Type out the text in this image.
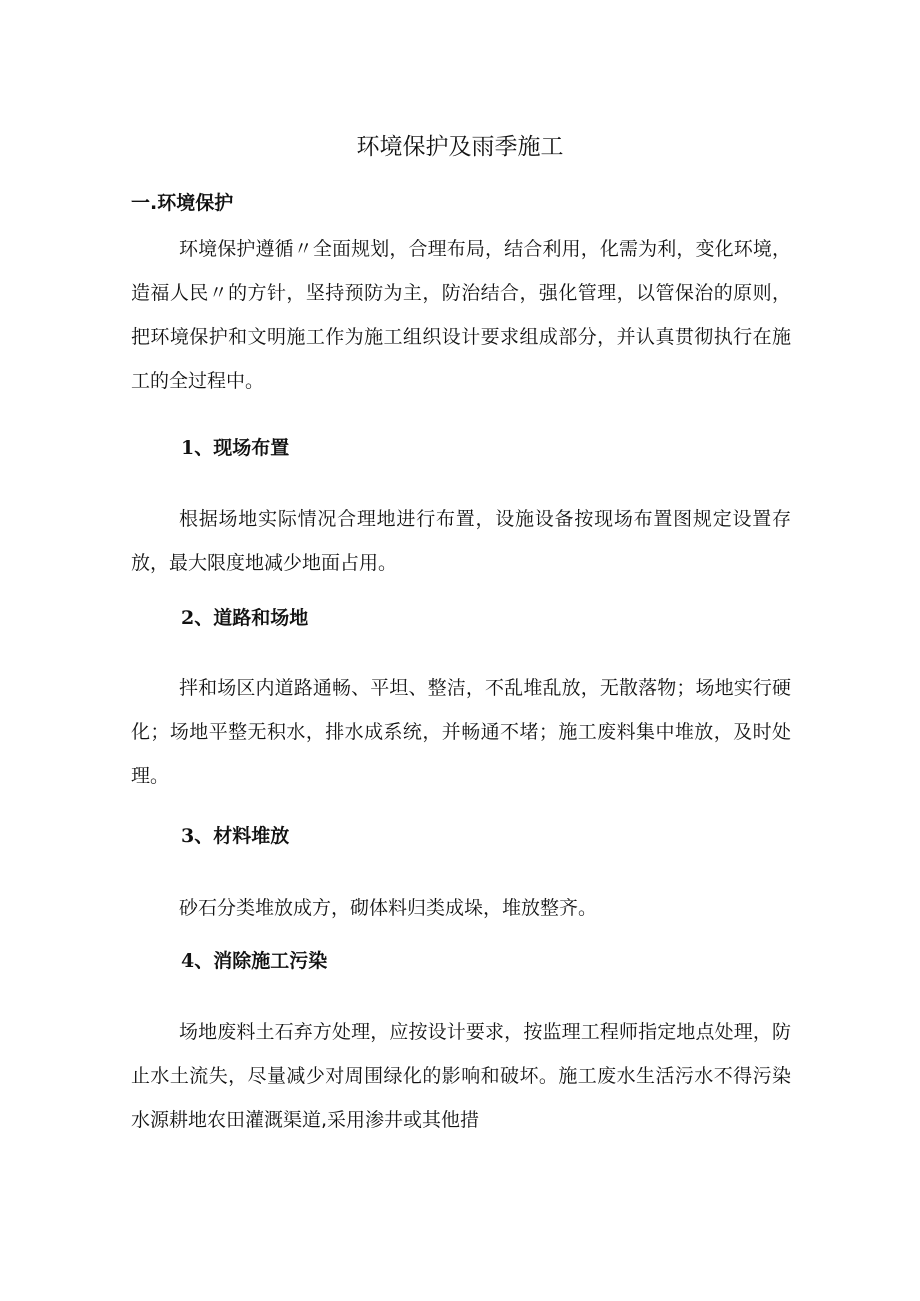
环境保护及雨季施工
一.环境保护

环境保护遵循〃全面规划，合理布局，结合利用，化需为利，变化环境，造福人民〃的方针，坚持预防为主，防治结合，强化管理，以管保治的原则，把环境保护和文明施工作为施工组织设计要求组成部分，并认真贯彻执行在施工的全过程中。

1、现场布置

根据场地实际情况合理地进行布置，设施设备按现场布置图规定设置存放，最大限度地减少地面占用。

2、道路和场地

拌和场区内道路通畅、平坦、整洁，不乱堆乱放，无散落物；场地实行硬化；场地平整无积水，排水成系统，并畅通不堵；施工废料集中堆放，及时处理。

3、材料堆放

砂石分类堆放成方，砌体料归类成垛，堆放整齐。

4、消除施工污染

场地废料土石弃方处理，应按设计要求，按监理工程师指定地点处理，防止水土流失，尽量减少对周围绿化的影响和破坏。施工废水生活污水不得污染水源耕地农田灌溉渠道,采用渗井或其他措
